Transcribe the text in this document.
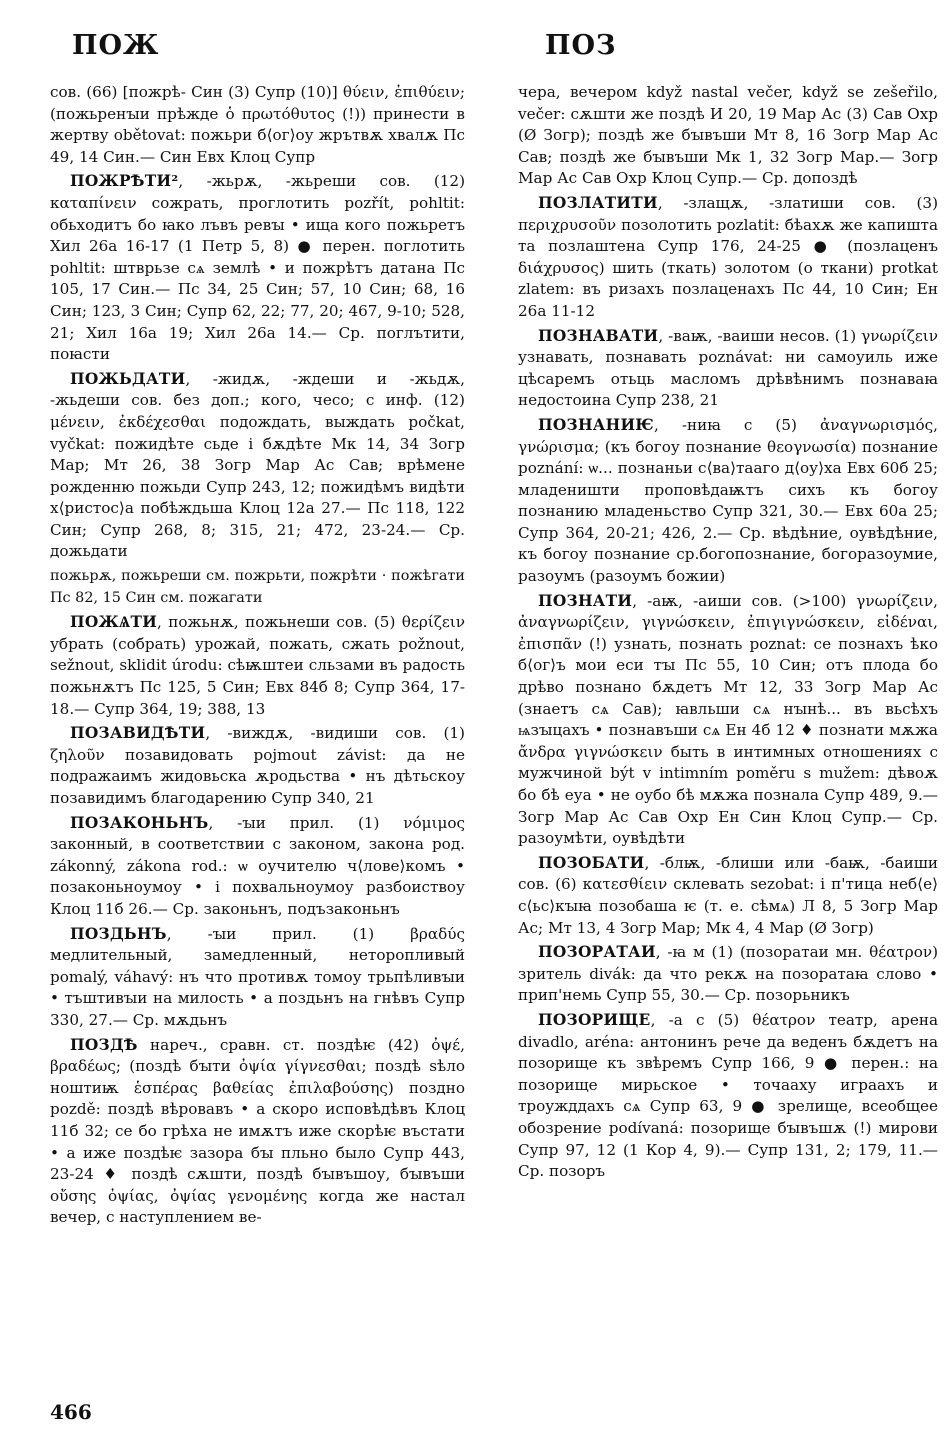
ПОЖ	ПОЗ

сов. (66) [пожрѣ- Син (3) Супр (10)] θύειν, ἐπιθύειν; (пожьренꙑи прѣжде ὁ πρωτόθυτος (!)) принести в жертву obětovat: пожьри б⟨ог⟩оу жрътвѫ хвалѫ Пс 49, 14 Син.— Син Евх Клоц Супр

ПОЖРѢТИ², -жьрѫ, -жьреши сов. (12) καταπίνειν сожрать, проглотить pozřít, pohltit: обьходитъ бо ꙗко лъвъ ревꙑ • ища кого пожьретъ Хил 26а 16-17 (1 Петр 5, 8) ● перен. поглотить pohltit: штврьзе сѧ землѣ • и пожрѣтъ датана Пс 105, 17 Син.— Пс 34, 25 Син; 57, 10 Син; 68, 16 Син; 123, 3 Син; Супр 62, 22; 77, 20; 467, 9-10; 528, 21; Хил 16а 19; Хил 26а 14.— Ср. поглътити, поꙗсти

ПОЖЬДАТИ, -жидѫ, -ждеши и -жьдѫ, -жьдеши сов. без доп.; кого, чесо; с инф. (12) μένειν, ἐκδέχεσθαι подождать, выждать počkat, vyčkat: пожидѣте сьде і бѫдѣте Мк 14, 34 Зогр Мар; Мт 26, 38 Зогр Мар Ас Сав; врѣмене рожденню пожьди Супр 243, 12; пожидѣмъ видѣти х⟨ристос⟩а побѣждьша Клоц 12а 27.— Пс 118, 122 Син; Супр 268, 8; 315, 21; 472, 23-24.— Ср. дожьдати

пожьрѫ, пожьреши см. пожрьти, пожрѣти · пожѣгати Пс 82, 15 Син см. пожагати

ПОЖѦТИ, пожьнѫ, пожьнеши сов. (5) θερίζειν убрать (собрать) урожай, пожать, сжать požnout, sežnout, sklidit úrodu: сѣѭштеи сльзами въ радость пожьнѫтъ Пс 125, 5 Син; Евх 84б 8; Супр 364, 17-18.— Супр 364, 19; 388, 13

ПОЗАВИДѢТИ, -виждѫ, -видиши сов. (1) ζηλοῦν позавидовать pojmout závist: да не подражаимъ жидовьска ѫродьства • нъ дѣтьскоу позавидимъ благодарению Супр 340, 21

ПОЗАКОНЬНЪ, -ꙑи прил. (1) νόμιμος законный, в соответствии с законом, закона род. zákonný, zákona rod.: ѡ оучителю ч⟨лове⟩комъ • позаконьноумоу • і похвальноумоу разбоиствоу Клоц 11б 26.— Ср. законьнъ, подъзаконьнъ

ПОЗДЬНЪ, -ꙑи прил. (1) βραδύς медлительный, замедленный, неторопливый pomalý, váhavý: нъ что противѫ томоу трьпѣливꙑи • тъштивꙑи на милость • а поздьнъ на гнѣвъ Супр 330, 27.— Ср. мѫдьнъ

ПОЗДѢ нареч., сравн. ст. поздѣѥ (42) ὀψέ, βραδέως; (поздѣ бꙑти ὀψία γίγνεσθαι; поздѣ ѕѣло ноштиѭ ἑσπέρας βαθείας ἐπιλαβούσης) поздно pozdě: поздѣ вѣровавъ • а скоро исповѣдѣвъ Клоц 11б 32; се бо грѣха не имѫтъ иже скорѣѥ въстати • а иже поздѣѥ зазора бꙑ пльно было Супр 443, 23-24 ♦ поздѣ сѫшти, поздѣ бꙑвъшоу, бꙑвъши οὔσης ὀψίας, ὀψίας γενομένης когда же настал вечер, с наступлением ве-

чера, вечером když nastal večer, když se zešeřilo, večer: сѫшти же поздѣ И 20, 19 Мар Ас (3) Сав Охр (Ø Зогр); поздѣ же бꙑвъши Мт 8, 16 Зогр Мар Ас Сав; поздѣ же бꙑвъши Мк 1, 32 Зогр Мар.— Зогр Мар Ас Сав Охр Клоц Супр.— Ср. допоздѣ

ПОЗЛАТИТИ, -злащѫ, -златиши сов. (3) περιχρυσοῦν позолотить pozlatit: бѣахѫ же капишта та позлаштена Супр 176, 24-25 ● (позлаценъ διάχρυσος) шить (ткать) золотом (о ткани) protkat zlatem: въ ризахъ позлаценахъ Пс 44, 10 Син; Ен 26а 11-12

ПОЗНАВАТИ, -ваѭ, -ваиши несов. (1) γνωρίζειν узнавать, познавать poznávat: ни самоуиль иже цѣсаремъ отьць масломъ дрѣвѣнимъ познаваꙗ недостоина Супр 238, 21

ПОЗНАНИѤ, -ниꙗ с (5) ἀναγνωρισμός, γνώρισμα; (къ богоу познание θεογνωσία) познание poznání: ѡ... познаньи с⟨ва⟩тааго д⟨оу⟩ха Евх 60б 25; младеништи проповѣдаѭтъ сихъ къ богоу познанию младеньство Супр 321, 30.— Евх 60а 25; Супр 364, 20-21; 426, 2.— Ср. вѣдѣние, оувѣдѣние, къ богоу познание ср.богопознание, богоразоумие, разоумъ (разоумъ божии)

ПОЗНАТИ, -аѭ, -аиши сов. (>100) γνωρίζειν, ἀναγνωρίζειν, γιγνώσκειν, ἐπιγιγνώσκειν, εἰδέναι, ἐπισπᾶν (!) узнать, познать poznat: се познахъ ѣко б⟨ог⟩ъ мои еси тꙑ Пс 55, 10 Син; отъ плода бо дрѣво познано бѫдетъ Мт 12, 33 Зогр Мар Ас (знаетъ сѧ Сав); ꙗвльши сѧ нꙑнѣ... въ вьсѣхъ ѩзꙑцахъ • познавъши сѧ Ен 4б 12 ♦ познати мѫжа ἄνδρα γιγνώσκειν быть в интимных отношениях с мужчиной být v intimním poměru s mužem: дѣвоѫ бо бѣ еуа • не оубо бѣ мѫжа познала Супр 489, 9.— Зогр Мар Ас Сав Охр Ен Син Клоц Супр.— Ср. разоумѣти, оувѣдѣти

ПОЗОБАТИ, -блѭ, -блиши или -баѭ, -баиши сов. (6) κατεσθίειν склевать sezobat: і п'тица неб⟨е⟩с⟨ьс⟩кꙑꙗ позобаша ѥ (т. е. сѣмѧ) Л 8, 5 Зогр Мар Ас; Мт 13, 4 Зогр Мар; Мк 4, 4 Мар (Ø Зогр)

ПОЗОРАТАИ, -ꙗ м (1) (позоратаи мн. θέατρον) зритель divák: да что рекѫ на позоратаꙗ слово • прип'немь Супр 55, 30.— Ср. позорьникъ

ПОЗОРИЩЕ, -а с (5) θέατρον театр, арена divadlo, aréna: антонинъ рече да веденъ бѫдетъ на позорище къ звѣремъ Супр 166, 9 ● перен.: на позорище мирьское • точааху играахъ и троужддахъ сѧ Супр 63, 9 ● зрелище, всеобщее обозрение podívaná: позорище бꙑвъшѫ (!) мирови Супр 97, 12 (1 Кор 4, 9).— Супр 131, 2; 179, 11.— Ср. позоръ

466
